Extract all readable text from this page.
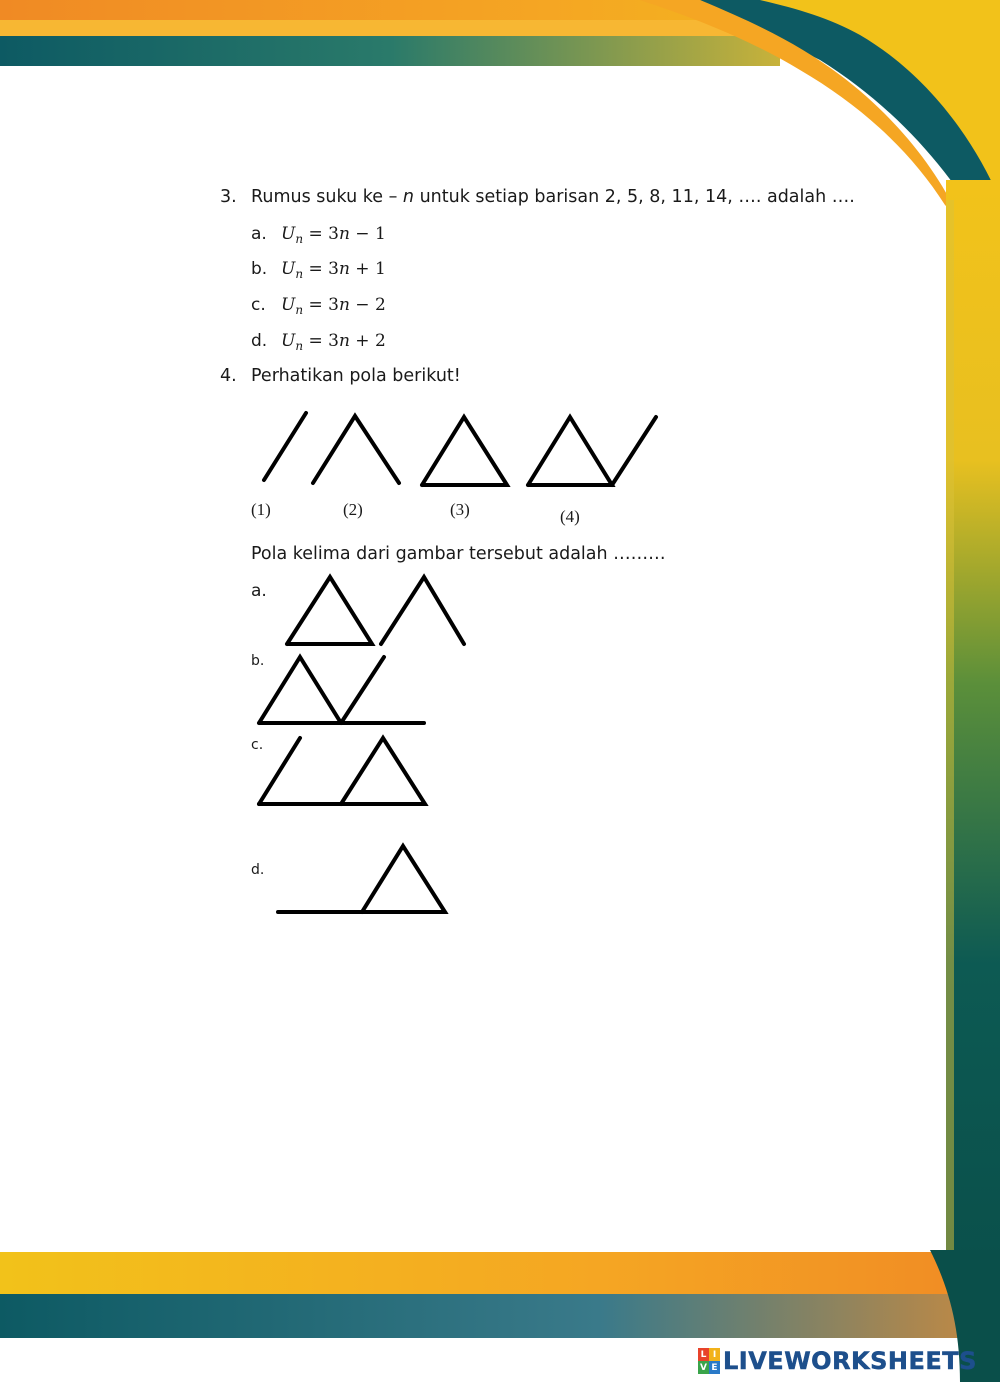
3. Rumus suku ke – n untuk setiap barisan 2, 5, 8, 11, 14, …. adalah ….
a. $U_n = 3n - 1$
b. $U_n = 3n + 1$
c. $U_n = 3n - 2$
d. $U_n = 3n + 2$
4. Perhatikan pola berikut!
(1)	(2)	(3)	(4)
Pola kelima dari gambar tersebut adalah ………
a.
b.
c.
d.
L I
V E LIVEWORKSHEETS
